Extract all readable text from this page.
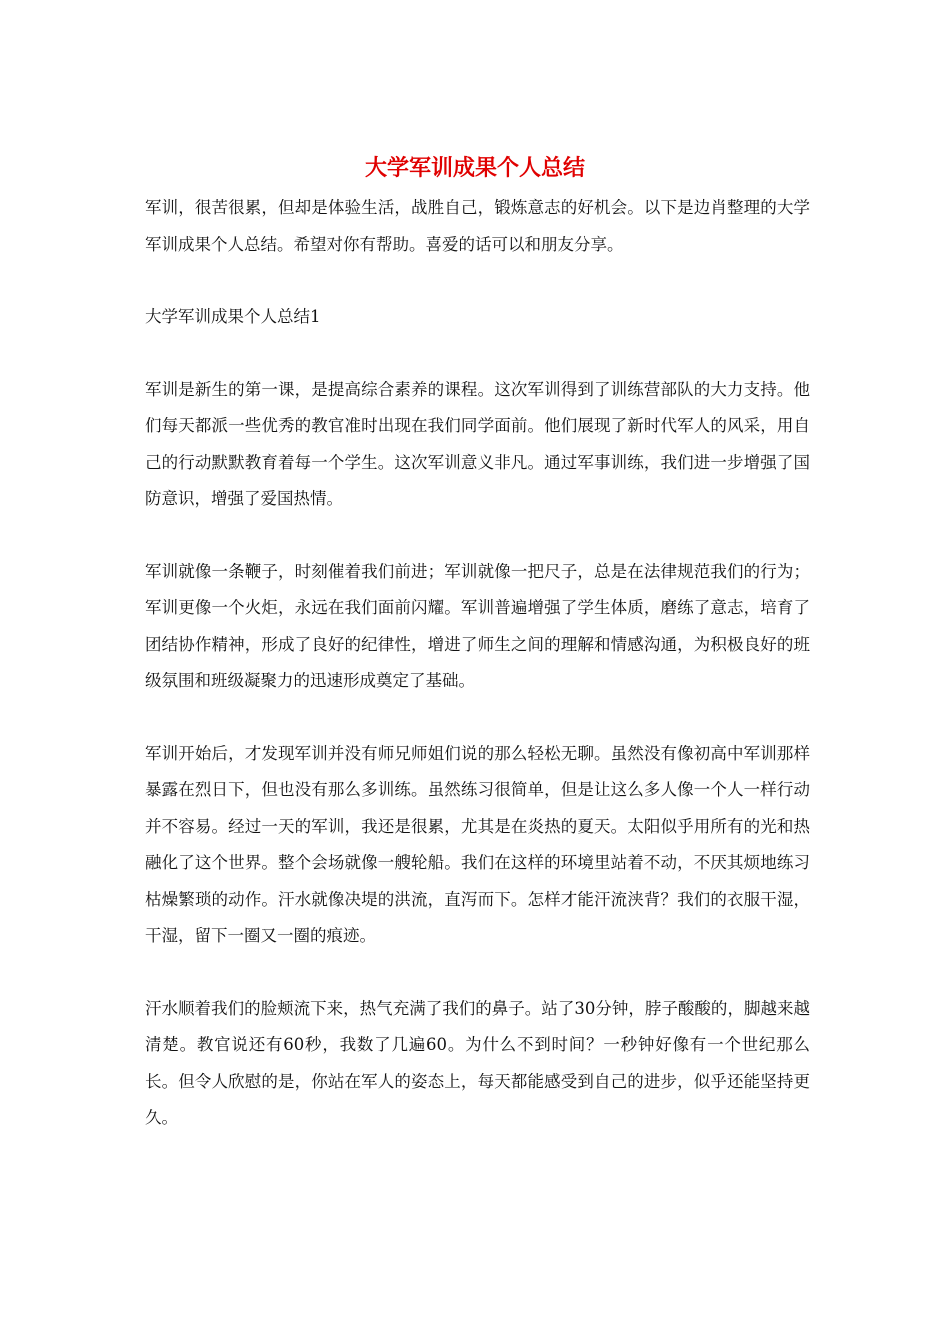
大学军训成果个人总结

军训，很苦很累，但却是体验生活，战胜自己，锻炼意志的好机会。以下是边肖整理的大学军训成果个人总结。希望对你有帮助。喜爱的话可以和朋友分享。

大学军训成果个人总结1

军训是新生的第一课，是提高综合素养的课程。这次军训得到了训练营部队的大力支持。他们每天都派一些优秀的教官准时出现在我们同学面前。他们展现了新时代军人的风采，用自己的行动默默教育着每一个学生。这次军训意义非凡。通过军事训练，我们进一步增强了国防意识，增强了爱国热情。

军训就像一条鞭子，时刻催着我们前进；军训就像一把尺子，总是在法律规范我们的行为；军训更像一个火炬，永远在我们面前闪耀。军训普遍增强了学生体质，磨练了意志，培育了团结协作精神，形成了良好的纪律性，增进了师生之间的理解和情感沟通，为积极良好的班级氛围和班级凝聚力的迅速形成奠定了基础。

军训开始后，才发现军训并没有师兄师姐们说的那么轻松无聊。虽然没有像初高中军训那样暴露在烈日下，但也没有那么多训练。虽然练习很简单，但是让这么多人像一个人一样行动并不容易。经过一天的军训，我还是很累，尤其是在炎热的夏天。太阳似乎用所有的光和热融化了这个世界。整个会场就像一艘轮船。我们在这样的环境里站着不动，不厌其烦地练习枯燥繁琐的动作。汗水就像决堤的洪流，直泻而下。怎样才能汗流浃背？我们的衣服干湿，干湿，留下一圈又一圈的痕迹。

汗水顺着我们的脸颊流下来，热气充满了我们的鼻子。站了30分钟，脖子酸酸的，脚越来越清楚。教官说还有60秒，我数了几遍60。为什么不到时间？一秒钟好像有一个世纪那么长。但令人欣慰的是，你站在军人的姿态上，每天都能感受到自己的进步，似乎还能坚持更久。
